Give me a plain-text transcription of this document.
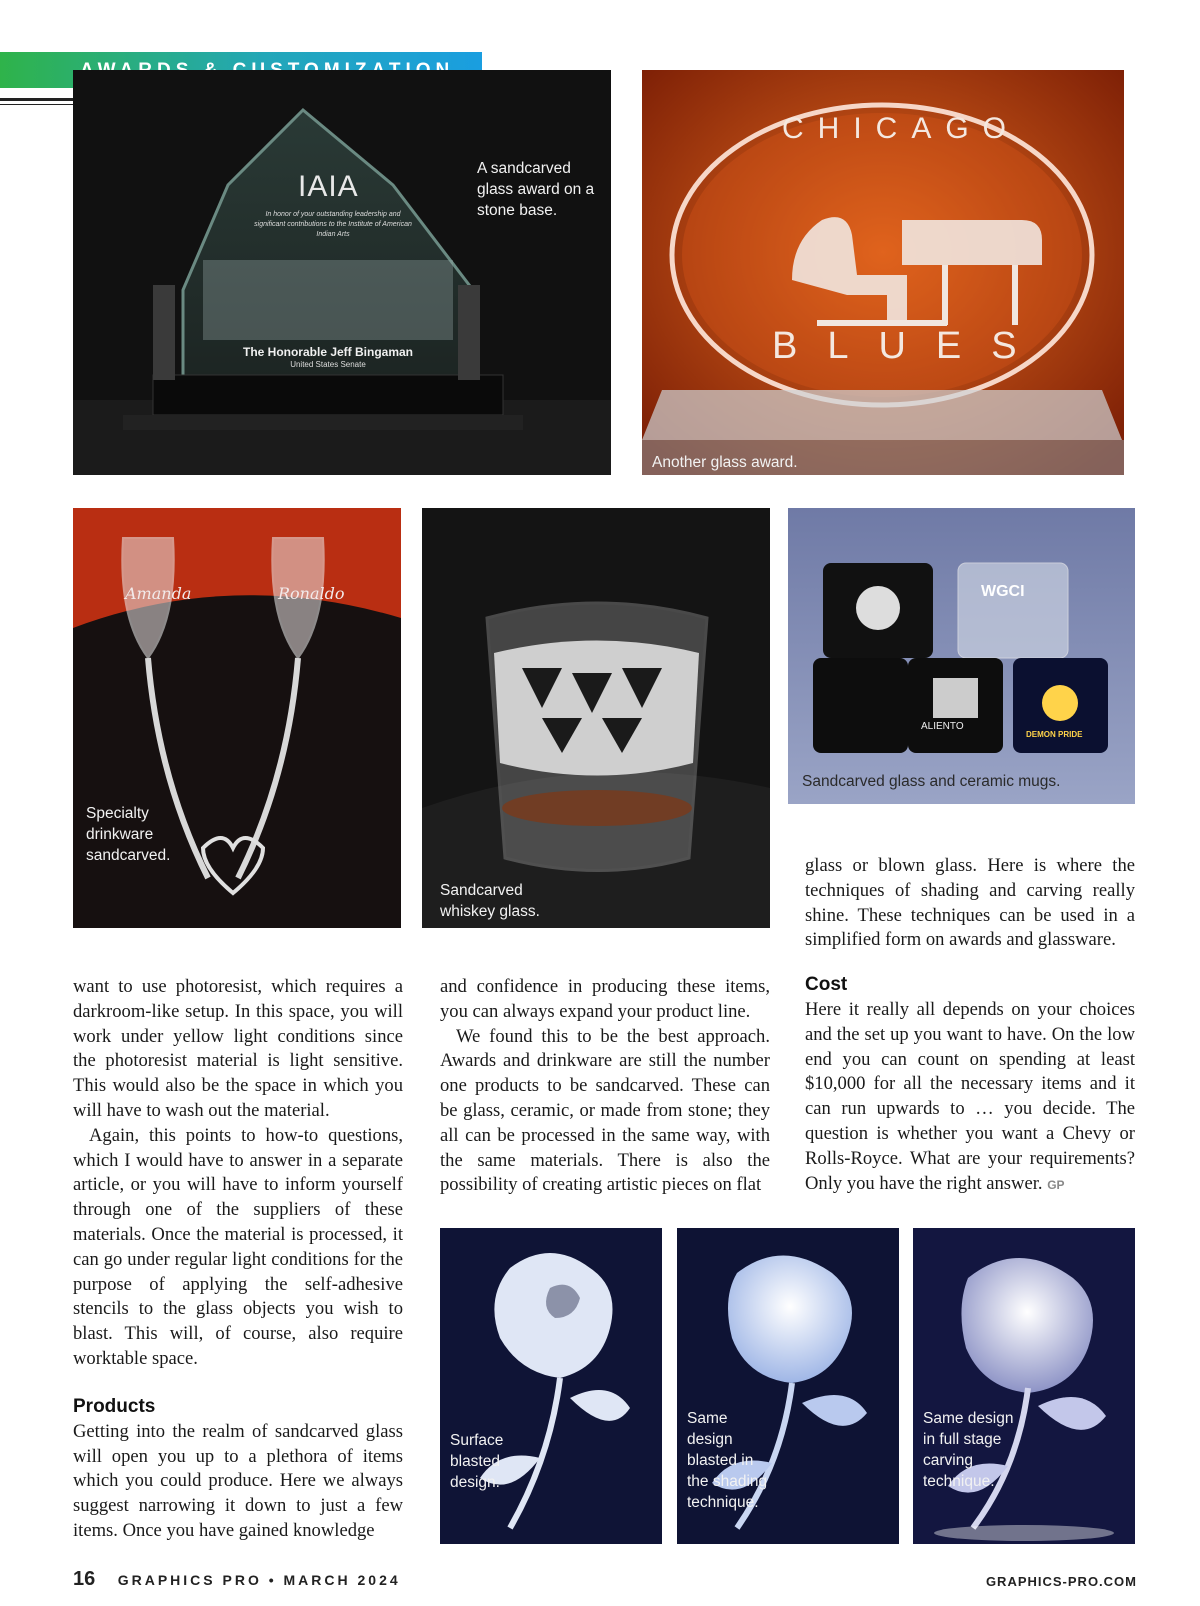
IAIA
In honor of your outstanding leadership and significant contributions to the Institute of American Indian Arts
The Honorable Jeff Bingaman
United States Senate
A sandcarved glass award on a stone base.
CHICAGO
BLUES
Another glass award.
Amanda	Ronaldo
Specialty drinkware sandcarved.
Sandcarved whiskey glass.
WGCI
ALIENTO
DEMON PRIDE
Sandcarved glass and ceramic mugs.

glass or blown glass. Here is where the techniques of shading and carving really shine. These techniques can be used in a simplified form on awards and glassware.

want to use photoresist, which requires a darkroom-like setup. In this space, you will work under yellow light conditions since the photoresist material is light sensitive. This would also be the space in which you will have to wash out the material.

Again, this points to how-to questions, which I would have to answer in a separate article, or you will have to inform yourself through one of the suppliers of these materials. Once the material is processed, it can go under regular light conditions for the purpose of applying the self-adhesive stencils to the glass objects you wish to blast. This will, of course, also require worktable space.

Products

Getting into the realm of sandcarved glass will open you up to a plethora of items which you could produce. Here we always suggest narrowing it down to just a few items. Once you have gained knowledge

and confidence in producing these items, you can always expand your product line.

We found this to be the best approach. Awards and drinkware are still the number one products to be sandcarved. These can be glass, ceramic, or made from stone; they all can be processed in the same way, with the same materials. There is also the possibility of creating artistic pieces on flat

Cost

Here it really all depends on your choices and the set up you want to have. On the low end you can count on spending at least $10,000 for all the necessary items and it can run upwards to … you decide. The question is whether you want a Chevy or Rolls-Royce. What are your requirements? Only you have the right answer. GP

Surface blasted design.
Same design blasted in the shading technique.
Same design in full stage carving technique.
16 GRAPHICS PRO • MARCH 2024	GRAPHICS-PRO.COM
